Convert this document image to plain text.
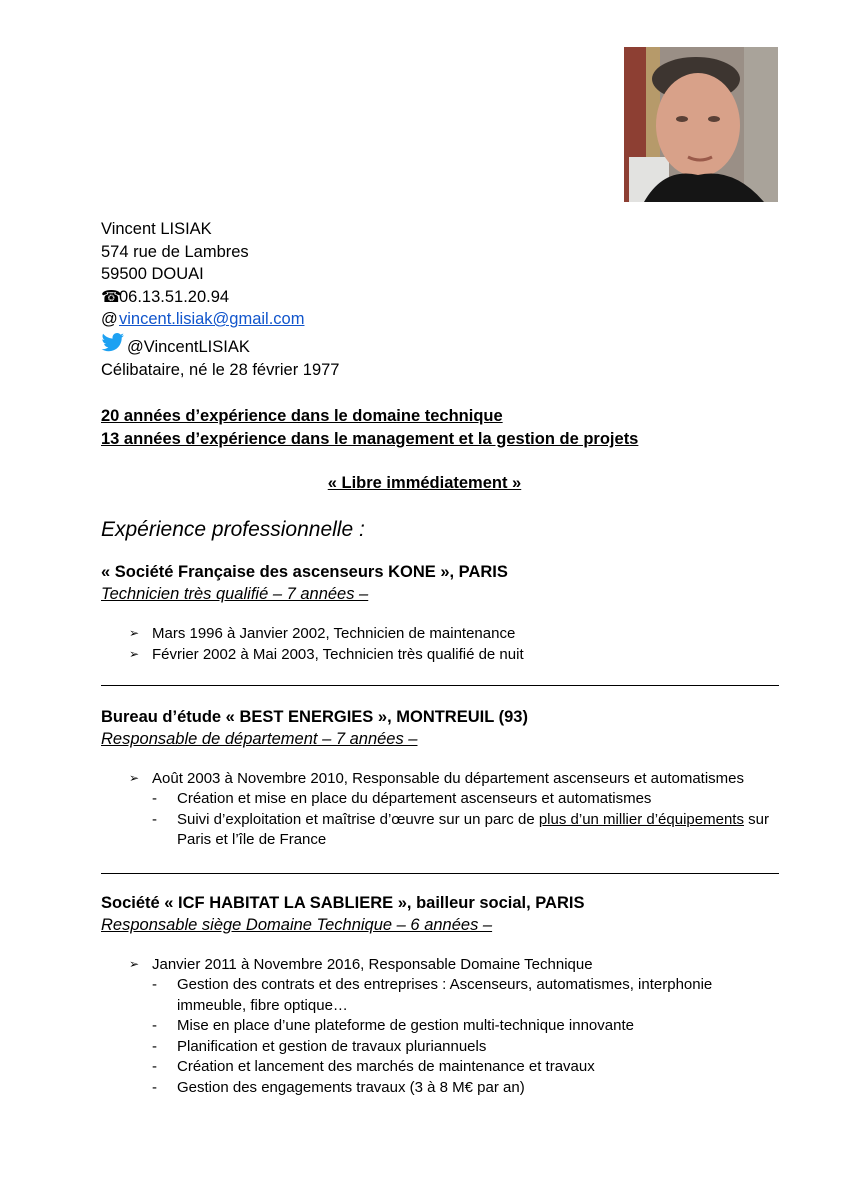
Vincent LISIAK
574 rue de Lambres
59500 DOUAI
☎06.13.51.20.94
@vincent.lisiak@gmail.com
@VincentLISIAK
Célibataire, né le 28 février 1977
20 années d’expérience dans le domaine technique
13 années d’expérience dans le management et la gestion de projets
« Libre immédiatement »
Expérience professionnelle :
« Société Française des ascenseurs KONE », PARIS
Technicien très qualifié – 7 années –
➢ Mars 1996 à Janvier 2002, Technicien de maintenance
➢ Février 2002 à Mai 2003, Technicien très qualifié de nuit
Bureau d’étude « BEST ENERGIES », MONTREUIL (93)
Responsable de département – 7 années –
➢ Août 2003 à Novembre 2010, Responsable du département ascenseurs et automatismes
- Création et mise en place du département ascenseurs et automatismes
- Suivi d’exploitation et maîtrise d’œuvre sur un parc de plus d’un millier d’équipements sur Paris et l’île de France
Société « ICF HABITAT LA SABLIERE », bailleur social, PARIS
Responsable siège Domaine Technique – 6 années –
➢ Janvier 2011 à Novembre 2016, Responsable Domaine Technique
- Gestion des contrats et des entreprises : Ascenseurs, automatismes, interphonie immeuble, fibre optique…
- Mise en place d’une plateforme de gestion multi-technique innovante
- Planification et gestion de travaux pluriannuels
- Création et lancement des marchés de maintenance et travaux
- Gestion des engagements travaux (3 à 8 M€ par an)
